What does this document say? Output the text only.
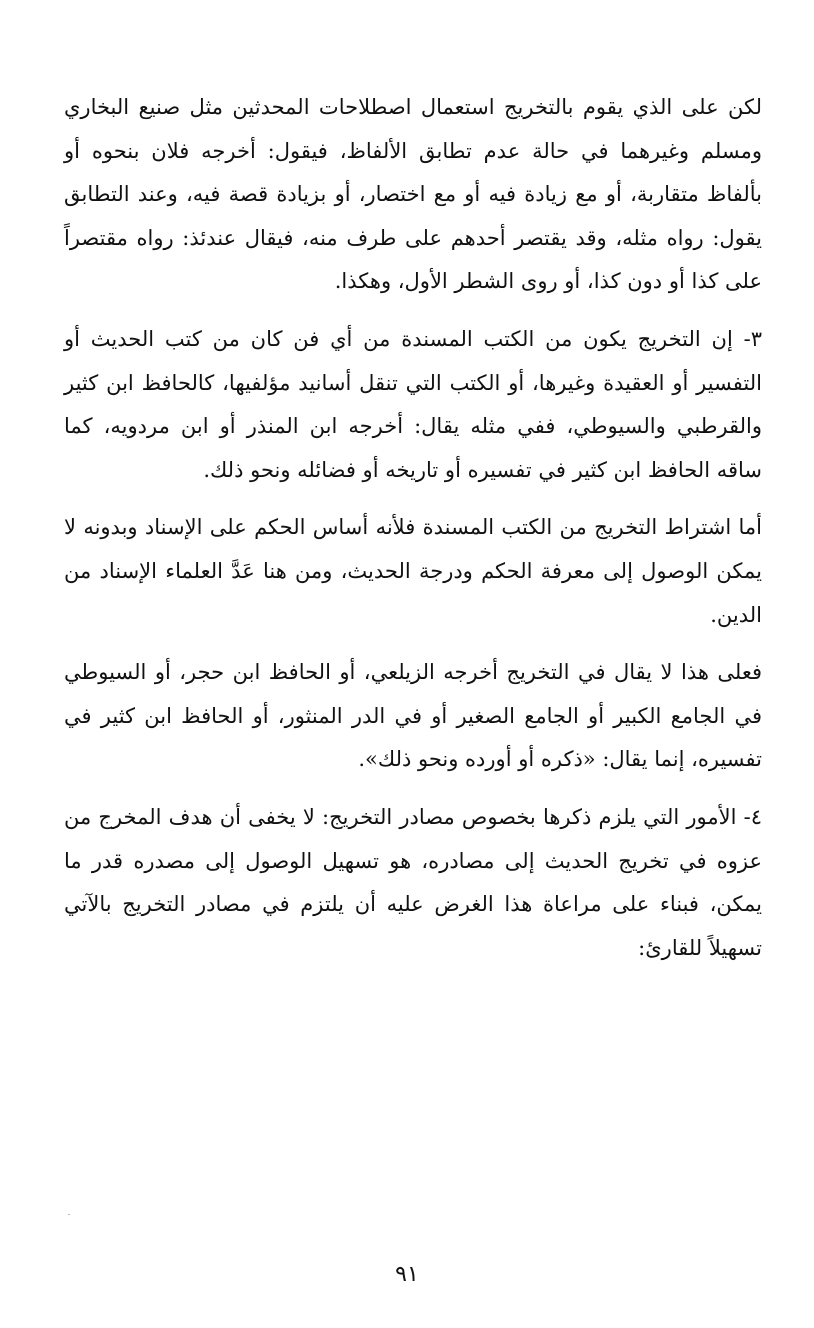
لكن على الذي يقوم بالتخريج استعمال اصطلاحات المحدثين مثل صنيع البخاري ومسلم وغيرهما في حالة عدم تطابق الألفاظ، فيقول: أخرجه فلان بنحوه أو بألفاظ متقاربة، أو مع زيادة فيه أو مع اختصار، أو بزيادة قصة فيه، وعند التطابق يقول: رواه مثله، وقد يقتصر أحدهم على طرف منه، فيقال عندئذ: رواه مقتصراً على كذا أو دون كذا، أو روى الشطر الأول، وهكذا.

٣- إن التخريج يكون من الكتب المسندة من أي فن كان من كتب الحديث أو التفسير أو العقيدة وغيرها، أو الكتب التي تنقل أسانيد مؤلفيها، كالحافظ ابن كثير والقرطبي والسيوطي، ففي مثله يقال: أخرجه ابن المنذر أو ابن مردويه، كما ساقه الحافظ ابن كثير في تفسيره أو تاريخه أو فضائله ونحو ذلك.

أما اشتراط التخريج من الكتب المسندة فلأنه أساس الحكم على الإسناد وبدونه لا يمكن الوصول إلى معرفة الحكم ودرجة الحديث، ومن هنا عَدَّ العلماء الإسناد من الدين.

فعلى هذا لا يقال في التخريج أخرجه الزيلعي، أو الحافظ ابن حجر، أو السيوطي في الجامع الكبير أو الجامع الصغير أو في الدر المنثور، أو الحافظ ابن كثير في تفسيره، إنما يقال: «ذكره أو أورده ونحو ذلك».

٤- الأمور التي يلزم ذكرها بخصوص مصادر التخريج: لا يخفى أن هدف المخرج من عزوه في تخريج الحديث إلى مصادره، هو تسهيل الوصول إلى مصدره قدر ما يمكن، فبناء على مراعاة هذا الغرض عليه أن يلتزم في مصادر التخريج بالآتي تسهيلاً للقارئ:

٩١
